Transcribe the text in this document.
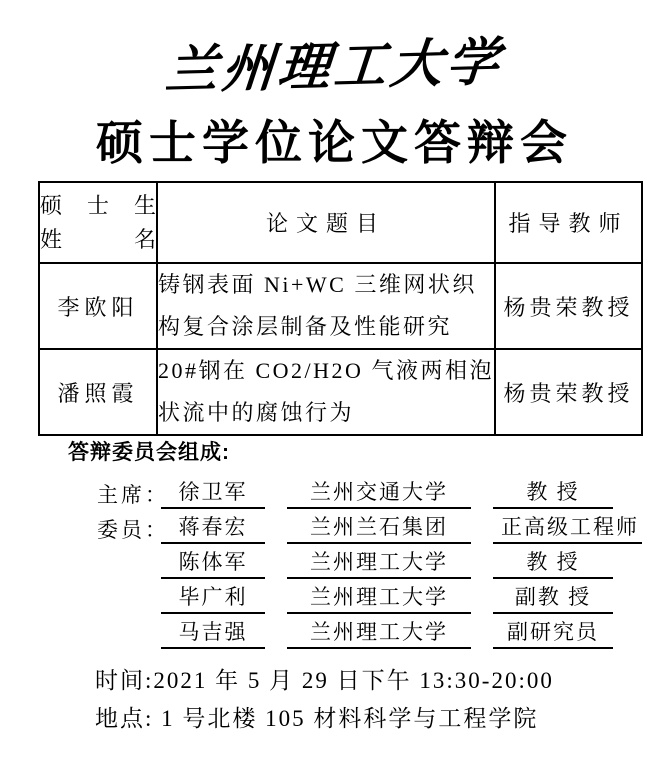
兰州理工大学
硕士学位论文答辩会
硕 士 生
姓 名	论文题目	指导教师
李欧阳	铸钢表面 Ni+WC 三维网状织构复合涂层制备及性能研究	杨贵荣教授
潘照霞	20#钢在 CO2/H2O 气液两相泡状流中的腐蚀行为	杨贵荣教授
答辩委员会组成:
主席： 徐卫军	兰州交通大学	教 授
委员： 蒋春宏	兰州兰石集团	正高级工程师
陈体军	兰州理工大学	教 授
毕广利	兰州理工大学	副教 授
马吉强	兰州理工大学	副研究员
时间:2021 年 5 月 29 日下午 13:30-20:00
地点: 1 号北楼 105 材料科学与工程学院
